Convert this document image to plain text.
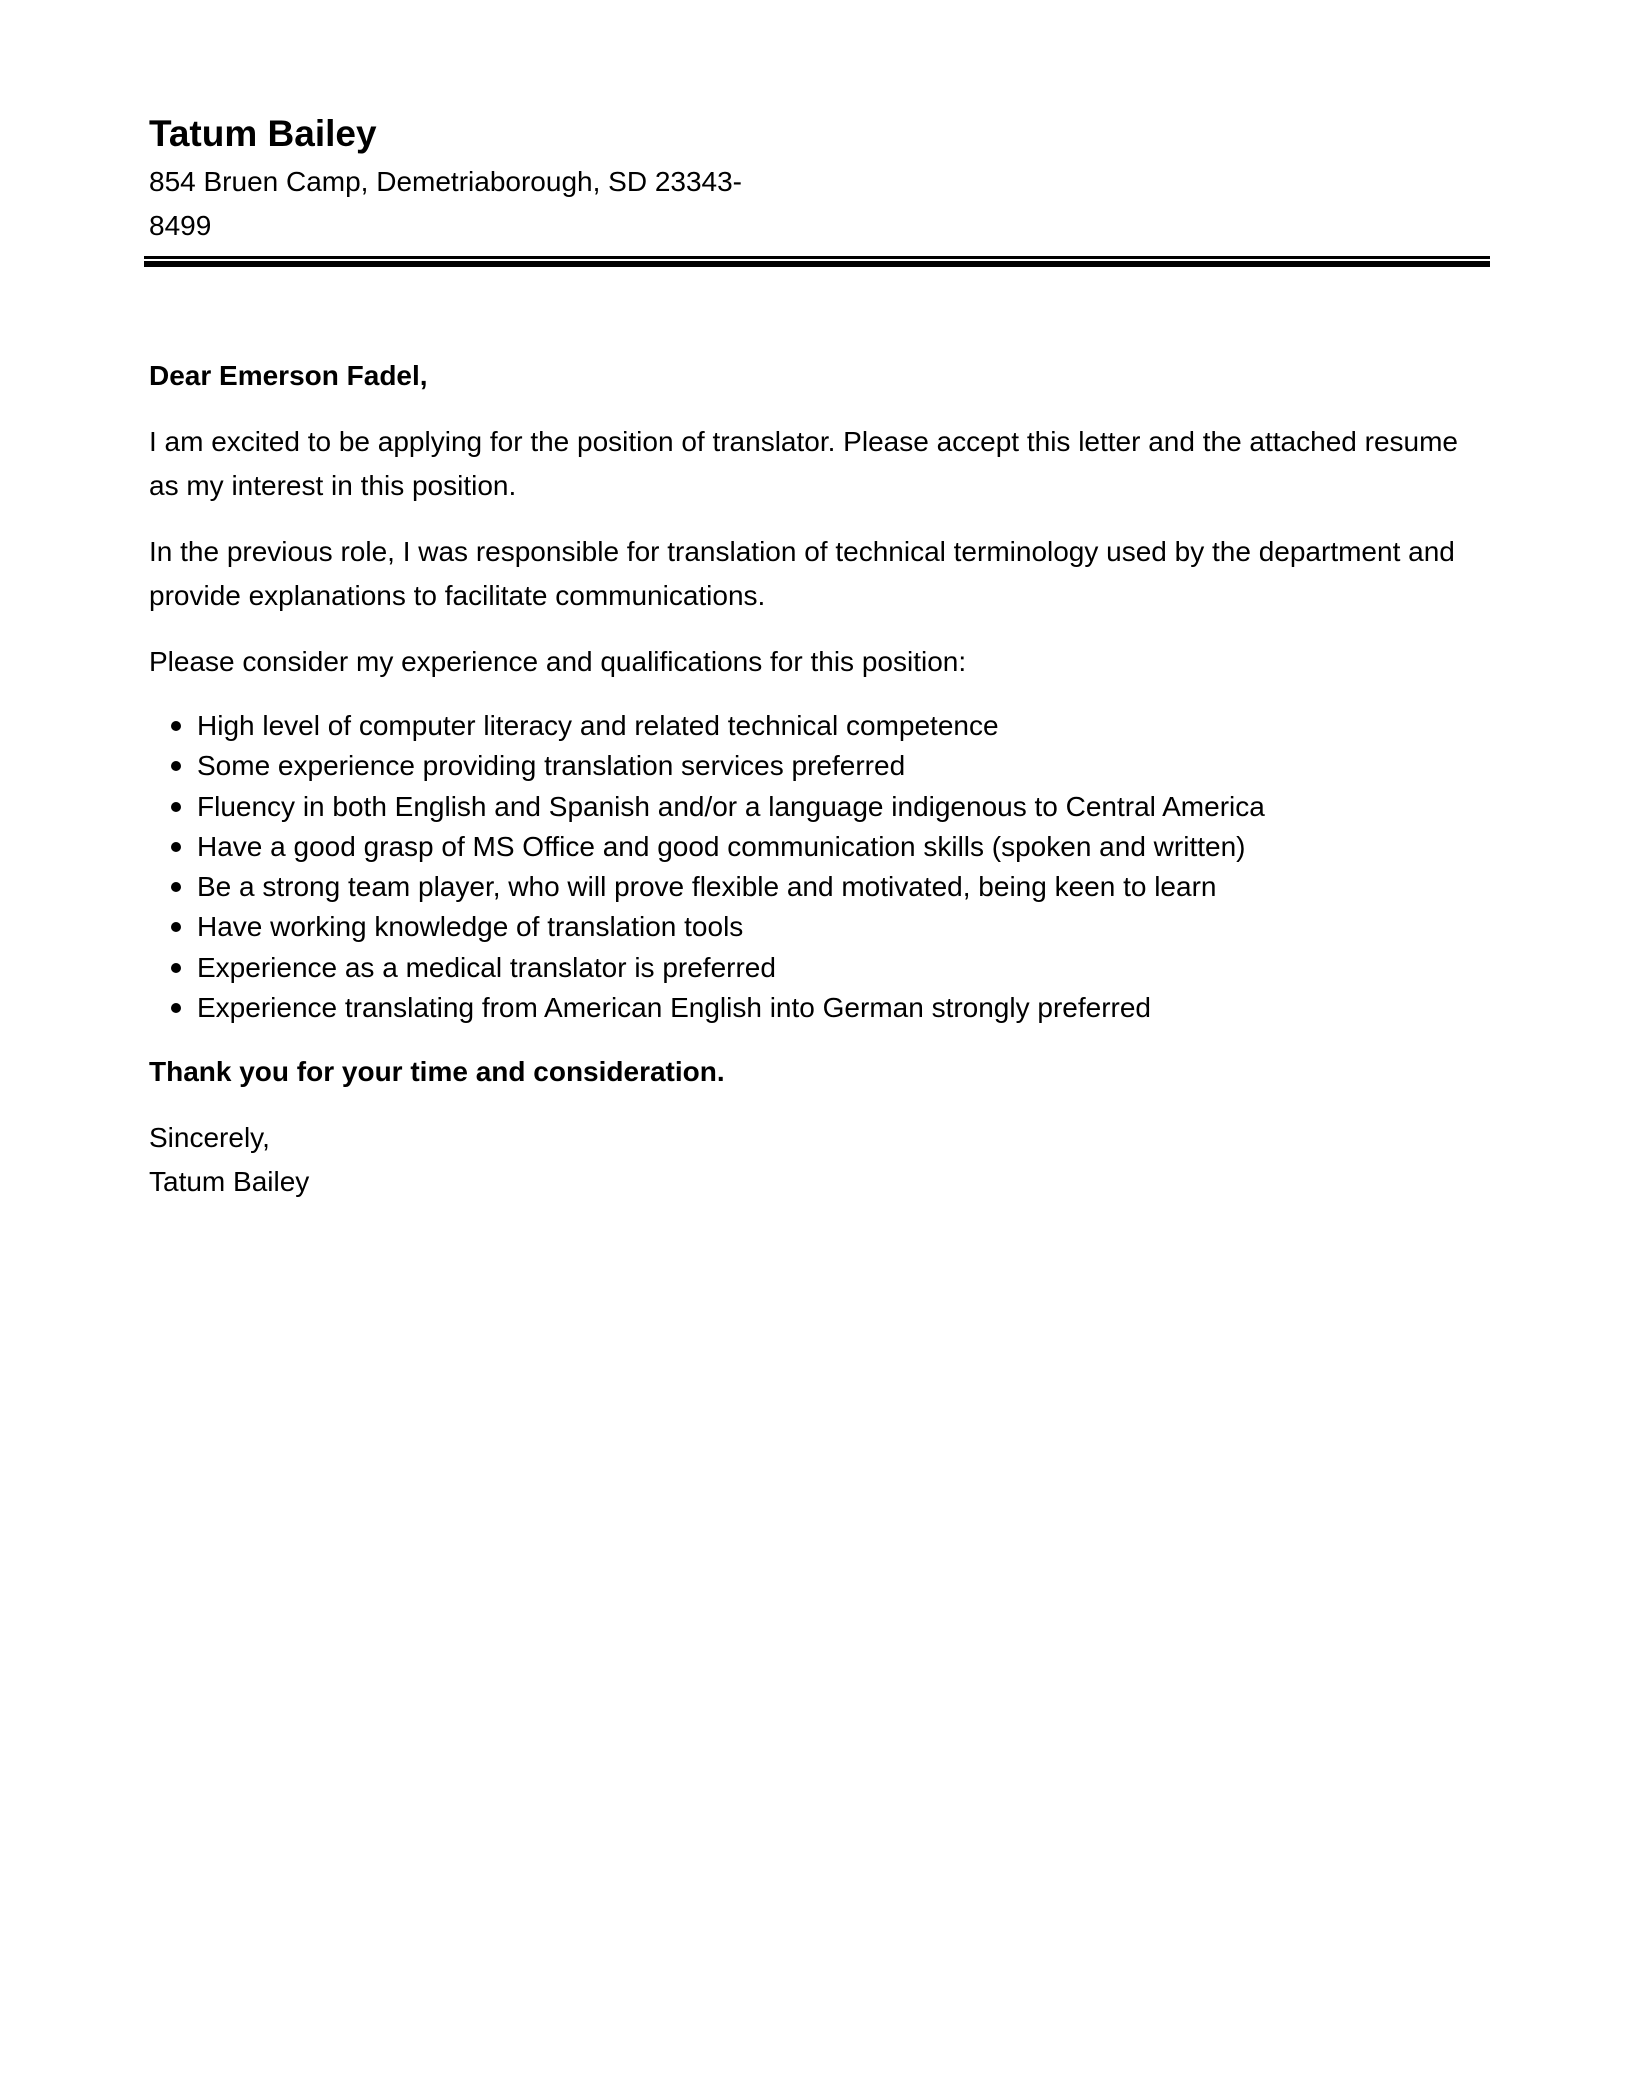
Tatum Bailey

854 Bruen Camp, Demetriaborough, SD 23343-8499

Dear Emerson Fadel,

I am excited to be applying for the position of translator. Please accept this letter and the attached resume as my interest in this position.

In the previous role, I was responsible for translation of technical terminology used by the department and provide explanations to facilitate communications.

Please consider my experience and qualifications for this position:

High level of computer literacy and related technical competence
Some experience providing translation services preferred
Fluency in both English and Spanish and/or a language indigenous to Central America
Have a good grasp of MS Office and good communication skills (spoken and written)
Be a strong team player, who will prove flexible and motivated, being keen to learn
Have working knowledge of translation tools
Experience as a medical translator is preferred
Experience translating from American English into German strongly preferred

Thank you for your time and consideration.

Sincerely,
Tatum Bailey
